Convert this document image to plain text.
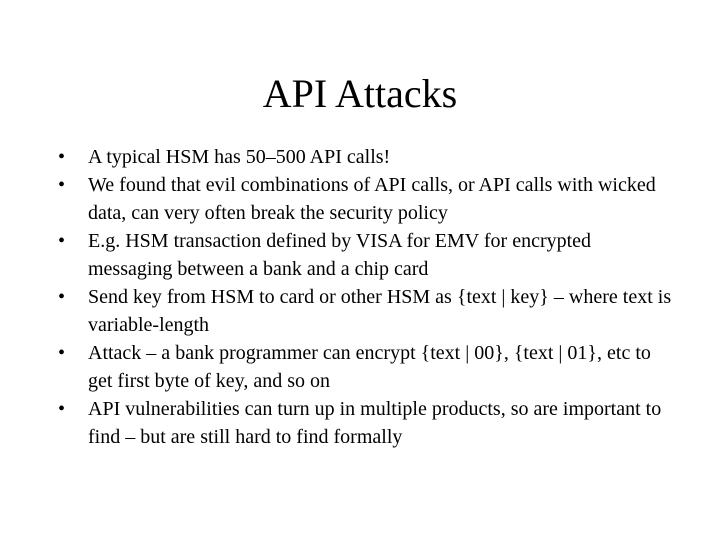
API Attacks
•	A typical HSM has 50–500 API calls!
•	We found that evil combinations of API calls, or API calls with wicked data, can very often break the security policy
•	E.g. HSM transaction defined by VISA for EMV for encrypted messaging between a bank and a chip card
•	Send key from HSM to card or other HSM as {text | key} – where text is variable-length
•	Attack – a bank programmer can encrypt {text | 00}, {text | 01}, etc to get first byte of key, and so on
•	API vulnerabilities can turn up in multiple products, so are important to find – but are still hard to find formally
